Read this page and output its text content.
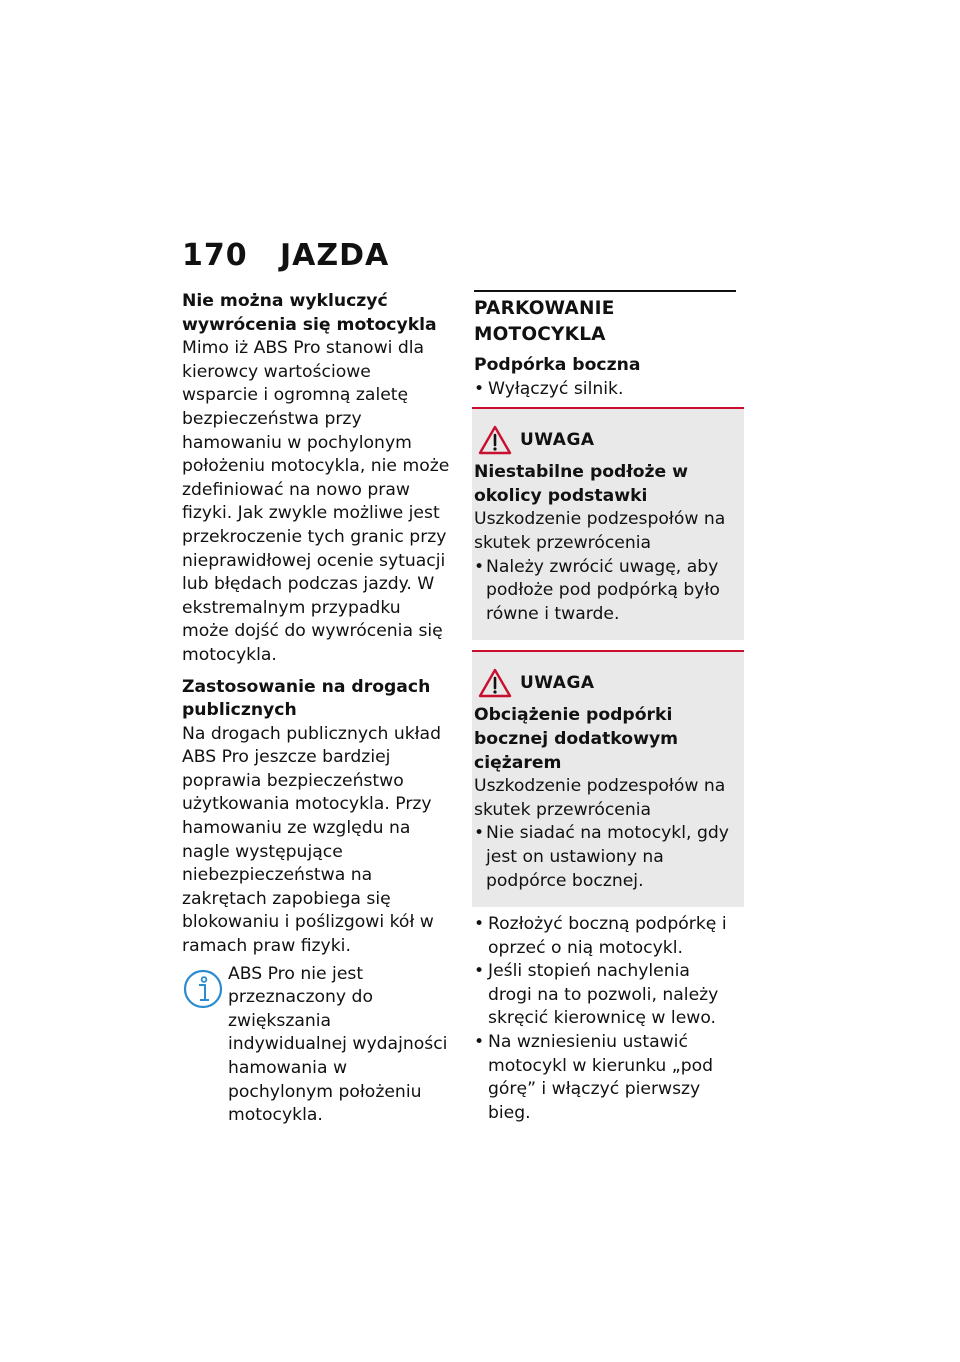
170 JAZDA
Nie można wykluczyć wywrócenia się motocykla

Mimo iż ABS Pro stanowi dla kierowcy wartościowe wsparcie i ogromną zaletę bezpieczeństwa przy hamowaniu w pochylonym położeniu motocykla, nie może zdefiniować na nowo praw fizyki. Jak zwykle możliwe jest przekroczenie tych granic przy nieprawidłowej ocenie sytuacji lub błędach podczas jazdy. W ekstremalnym przypadku może dojść do wywrócenia się motocykla.

Zastosowanie na drogach publicznych

Na drogach publicznych układ ABS Pro jeszcze bardziej poprawia bezpieczeństwo użytkowania motocykla. Przy hamowaniu ze względu na nagle występujące niebezpieczeństwa na zakrętach zapobiega się blokowaniu i poślizgowi kół w ramach praw fizyki.

ABS Pro nie jest przeznaczony do zwiększania indywidualnej wydajności hamowania w pochylonym położeniu motocykla.

PARKOWANIE MOTOCYKLA
Podpórka boczna
• Wyłączyć silnik.
UWAGA
Niestabilne podłoże w okolicy podstawki
Uszkodzenie podzespołów na skutek przewrócenia
• Należy zwrócić uwagę, aby podłoże pod podpórką było równe i twarde.
UWAGA
Obciążenie podpórki bocznej dodatkowym ciężarem
Uszkodzenie podzespołów na skutek przewrócenia
• Nie siadać na motocykl, gdy jest on ustawiony na podpórce bocznej.
• Rozłożyć boczną podpórkę i oprzeć o nią motocykl.
• Jeśli stopień nachylenia drogi na to pozwoli, należy skręcić kierownicę w lewo.
• Na wzniesieniu ustawić motocykl w kierunku „pod górę” i włączyć pierwszy bieg.
